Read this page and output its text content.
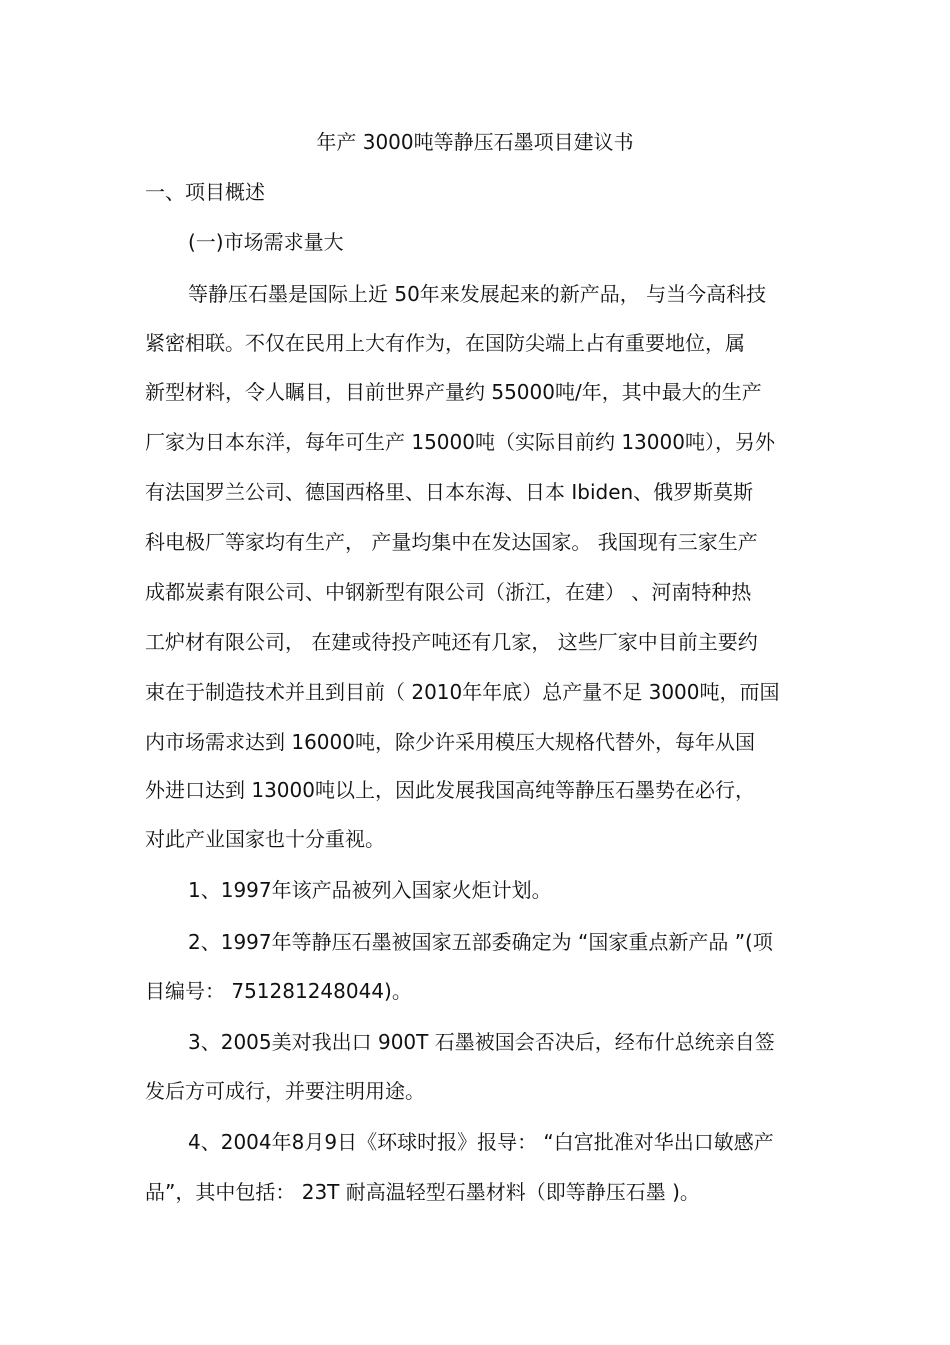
年产 3000吨等静压石墨项目建议书
一、项目概述
(一)市场需求量大
等静压石墨是国际上近 50年来发展起来的新产品， 与当今高科技
紧密相联。不仅在民用上大有作为，在国防尖端上占有重要地位，属
新型材料，令人瞩目，目前世界产量约 55000吨/年，其中最大的生产
厂家为日本东洋，每年可生产 15000吨（实际目前约 13000吨），另外
有法国罗兰公司、德国西格里、日本东海、日本 Ibiden、俄罗斯莫斯
科电极厂等家均有生产， 产量均集中在发达国家。 我国现有三家生产
成都炭素有限公司、中钢新型有限公司（浙江，在建） 、河南特种热
工炉材有限公司， 在建或待投产吨还有几家， 这些厂家中目前主要约
束在于制造技术并且到目前（ 2010年年底）总产量不足 3000吨，而国
内市场需求达到 16000吨，除少许采用模压大规格代替外，每年从国
外进口达到 13000吨以上，因此发展我国高纯等静压石墨势在必行，
对此产业国家也十分重视。
1、1997年该产品被列入国家火炬计划。
2、1997年等静压石墨被国家五部委确定为 “国家重点新产品 ”(项
目编号： 751281248044)。
3、2005美对我出口 900T 石墨被国会否决后，经布什总统亲自签
发后方可成行，并要注明用途。
4、2004年8月9日《环球时报》报导： “白宫批准对华出口敏感产
品”，其中包括： 23T 耐高温轻型石墨材料（即等静压石墨 )。
